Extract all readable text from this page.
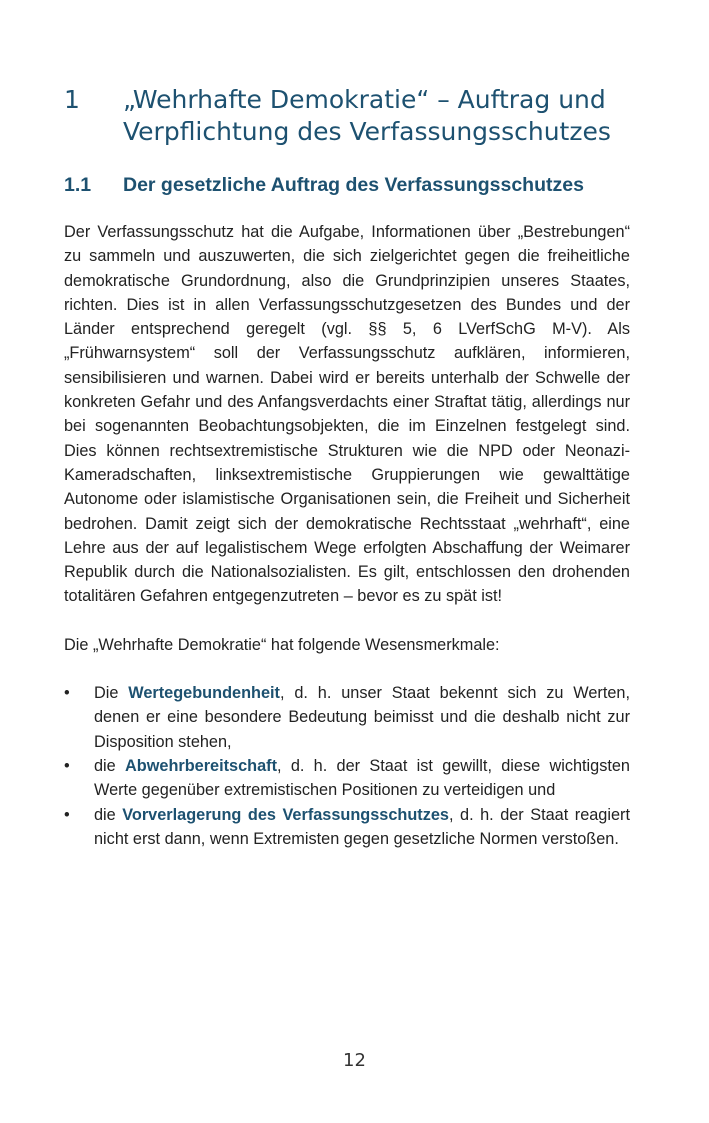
1	„Wehrhafte Demokratie“ – Auftrag und
Verpflichtung des Verfassungsschutzes
1.1	Der gesetzliche Auftrag des Verfassungsschutzes

Der Verfassungsschutz hat die Aufgabe, Informationen über „Bestrebungen“ zu sammeln und auszuwerten, die sich zielgerichtet gegen die freiheitliche demokratische Grundordnung, also die Grundprinzipien unseres Staates, richten. Dies ist in allen Verfassungsschutzgesetzen des Bundes und der Länder entsprechend geregelt (vgl. §§ 5, 6 LVerfSchG M-V). Als „Frühwarnsystem“ soll der Verfassungsschutz aufklären, informieren, sensibilisieren und warnen. Dabei wird er bereits unterhalb der Schwelle der konkreten Gefahr und des Anfangsverdachts einer Straftat tätig, allerdings nur bei sogenannten Beobachtungsobjekten, die im Einzelnen festgelegt sind. Dies können rechtsextremistische Strukturen wie die NPD oder Neonazi-Kameradschaften, linksextremistische Gruppierungen wie gewalttätige Autonome oder islamistische Organisationen sein, die Freiheit und Sicherheit bedrohen. Damit zeigt sich der demokratische Rechtsstaat „wehrhaft“, eine Lehre aus der auf legalistischem Wege erfolgten Abschaffung der Weimarer Republik durch die Nationalsozialisten. Es gilt, entschlossen den drohenden totalitären Gefahren entgegenzutreten – bevor es zu spät ist!

Die „Wehrhafte Demokratie“ hat folgende Wesensmerkmale:

• Die Wertegebundenheit, d. h. unser Staat bekennt sich zu Werten, denen er eine besondere Bedeutung beimisst und die deshalb nicht zur Disposition stehen,
• die Abwehrbereitschaft, d. h. der Staat ist gewillt, diese wichtigsten Werte gegenüber extremistischen Positionen zu verteidigen und
• die Vorverlagerung des Verfassungsschutzes, d. h. der Staat reagiert nicht erst dann, wenn Extremisten gegen gesetzliche Normen verstoßen.
12
